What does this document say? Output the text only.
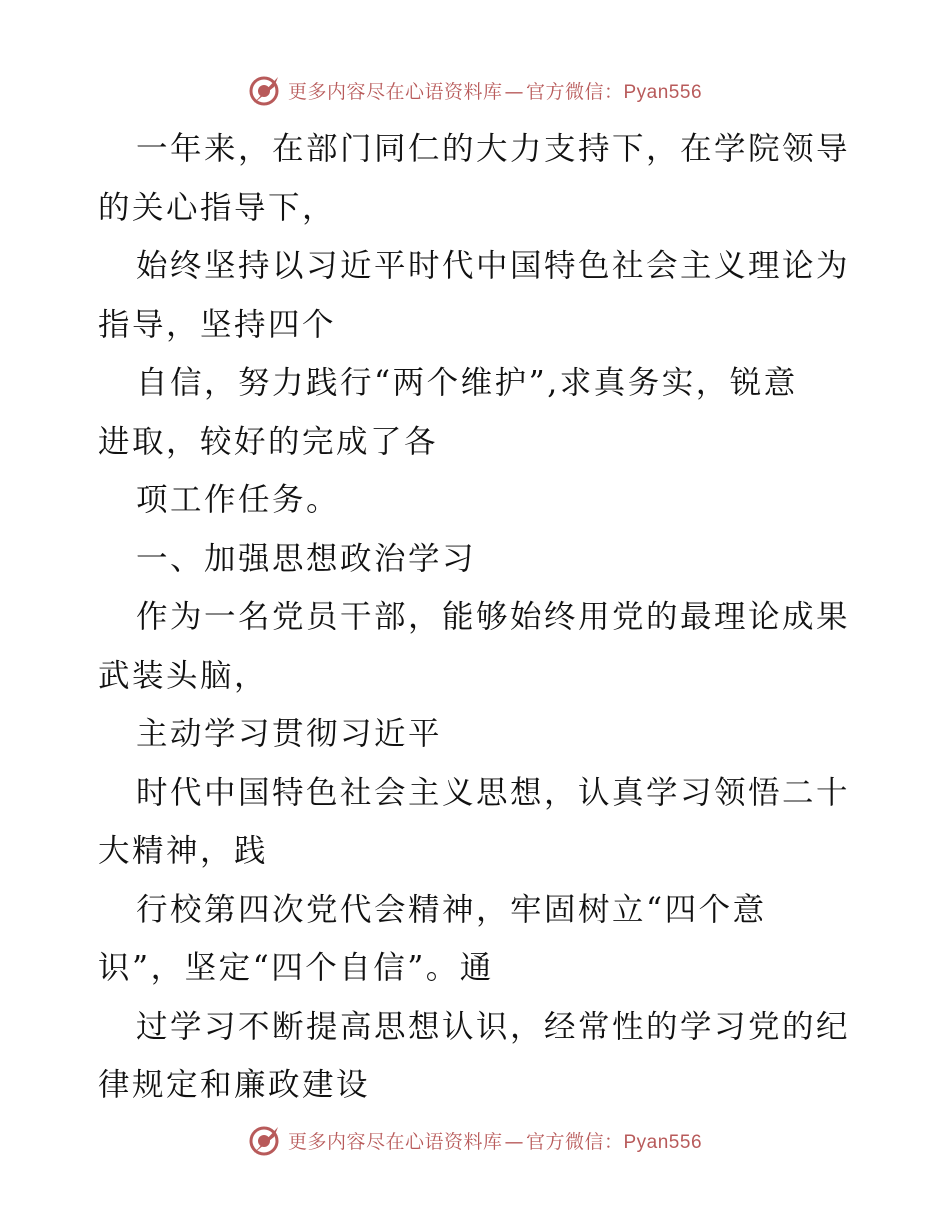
更多内容尽在心语资料库 — 官方微信：Pyan556

一年来，在部门同仁的大力支持下，在学院领导
的关心指导下，

始终坚持以习近平时代中国特色社会主义理论为
指导，坚持四个

自信，努力践行“两个维护”,求真务实，锐意
进取，较好的完成了各

项工作任务。

一、加强思想政治学习

作为一名党员干部，能够始终用党的最理论成果
武装头脑，

主动学习贯彻习近平

时代中国特色社会主义思想，认真学习领悟二十
大精神，践

行校第四次党代会精神，牢固树立“四个意
识”，坚定“四个自信”。通

过学习不断提高思想认识，经常性的学习党的纪
律规定和廉政建设

更多内容尽在心语资料库 — 官方微信：Pyan556
